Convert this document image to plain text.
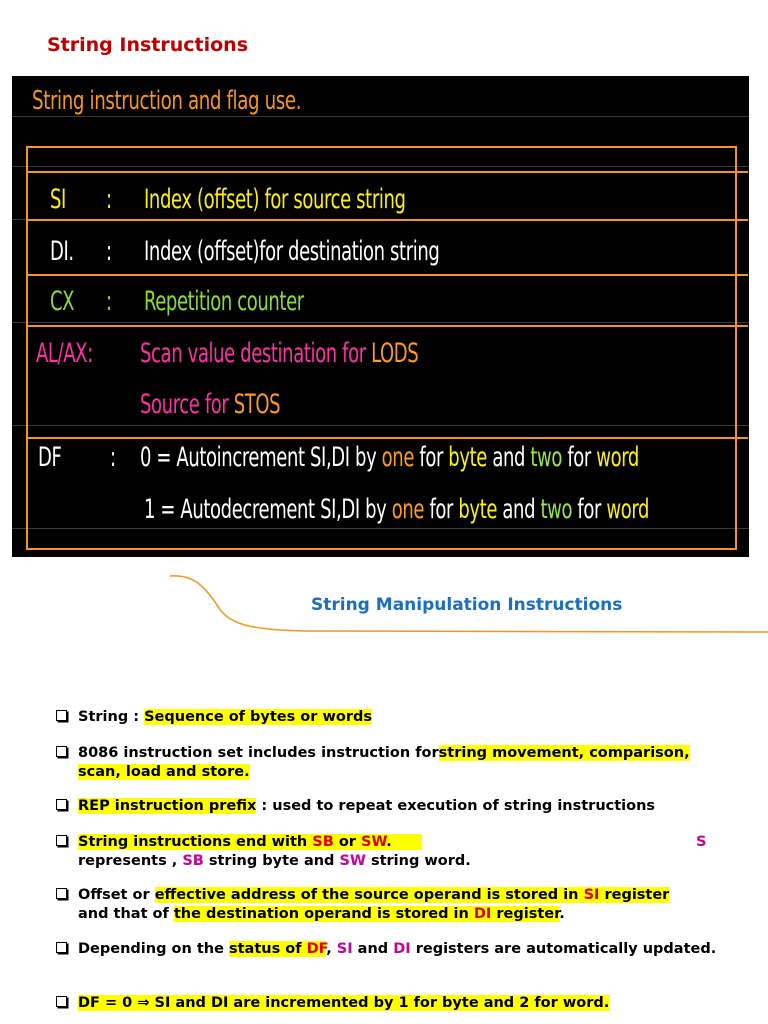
String Instructions
String instruction and flag use.
SI : Index (offset) for source string
DI. : Index (offset)for destination string
CX : Repetition counter
AL/AX: Scan value destination for LODS
Source for STOS
DF : 0 = Autoincrement SI,DI by one for byte and two for word
1 = Autodecrement SI,DI by one for byte and two for word
String Manipulation Instructions
String : Sequence of bytes or words
8086 instruction set includes instruction forstring movement, comparison, scan, load and store.
REP instruction prefix : used to repeat execution of string instructions
String instructions end with SB or SW.	S

represents , SB string byte and SW string word.
Offset or effective address of the source operand is stored in SI register
and that of the destination operand is stored in DI register.
Depending on the status of DF, SI and DI registers are automatically updated.
DF = 0 ⇒ SI and DI are incremented by 1 for byte and 2 for word.
